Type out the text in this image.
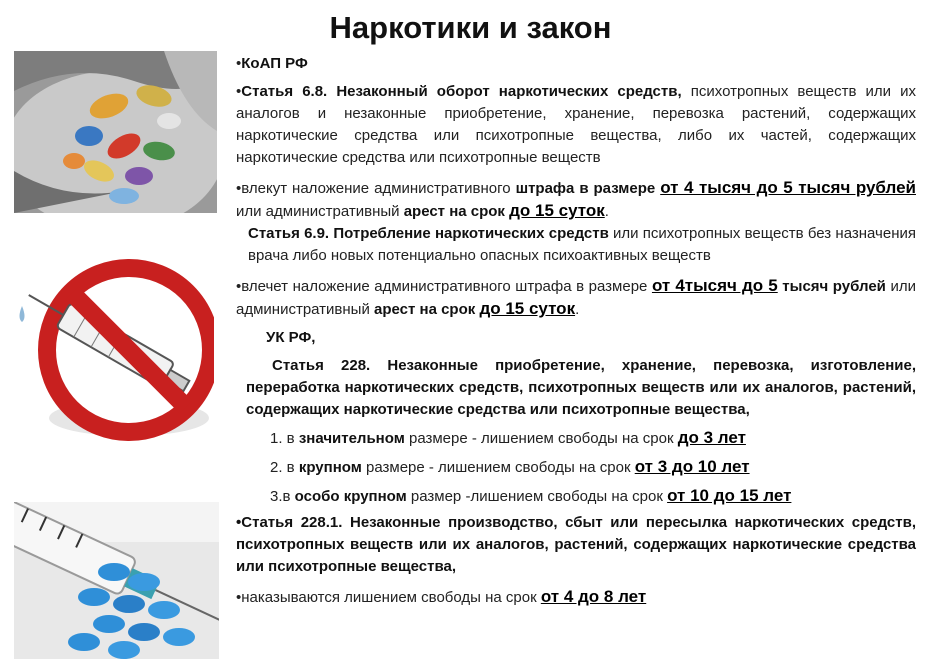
Наркотики и закон

•КоАП РФ

•Статья 6.8. Незаконный оборот наркотических средств, психотропных веществ или их аналогов и незаконные приобретение, хранение, перевозка растений, содержащих наркотические средства или психотропные вещества, либо их частей, содержащих наркотические средства или психотропные веществ

•влекут наложение административного штрафа в размере от 4 тысяч до 5 тысяч рублей или административный арест на срок до 15 суток.

Статья 6.9. Потребление наркотических средств или психотропных веществ без назначения врача либо новых потенциально опасных психоактивных веществ

•влечет наложение административного штрафа в размере от 4тысяч до 5 тысяч рублей или административный арест на срок до 15 суток.

УК РФ,

Статья 228. Незаконные приобретение, хранение, перевозка, изготовление, переработка наркотических средств, психотропных веществ или их аналогов, растений, содержащих наркотические средства или психотропные вещества,

1. в значительном размере - лишением свободы на срок до 3 лет

2. в крупном размере - лишением свободы на срок от 3 до 10 лет

3.в особо крупном размер -лишением свободы на срок от 10 до 15 лет

•Статья 228.1. Незаконные производство, сбыт или пересылка наркотических средств, психотропных веществ или их аналогов, растений, содержащих наркотические средства или психотропные вещества,

•наказываются лишением свободы на срок от 4 до 8 лет
